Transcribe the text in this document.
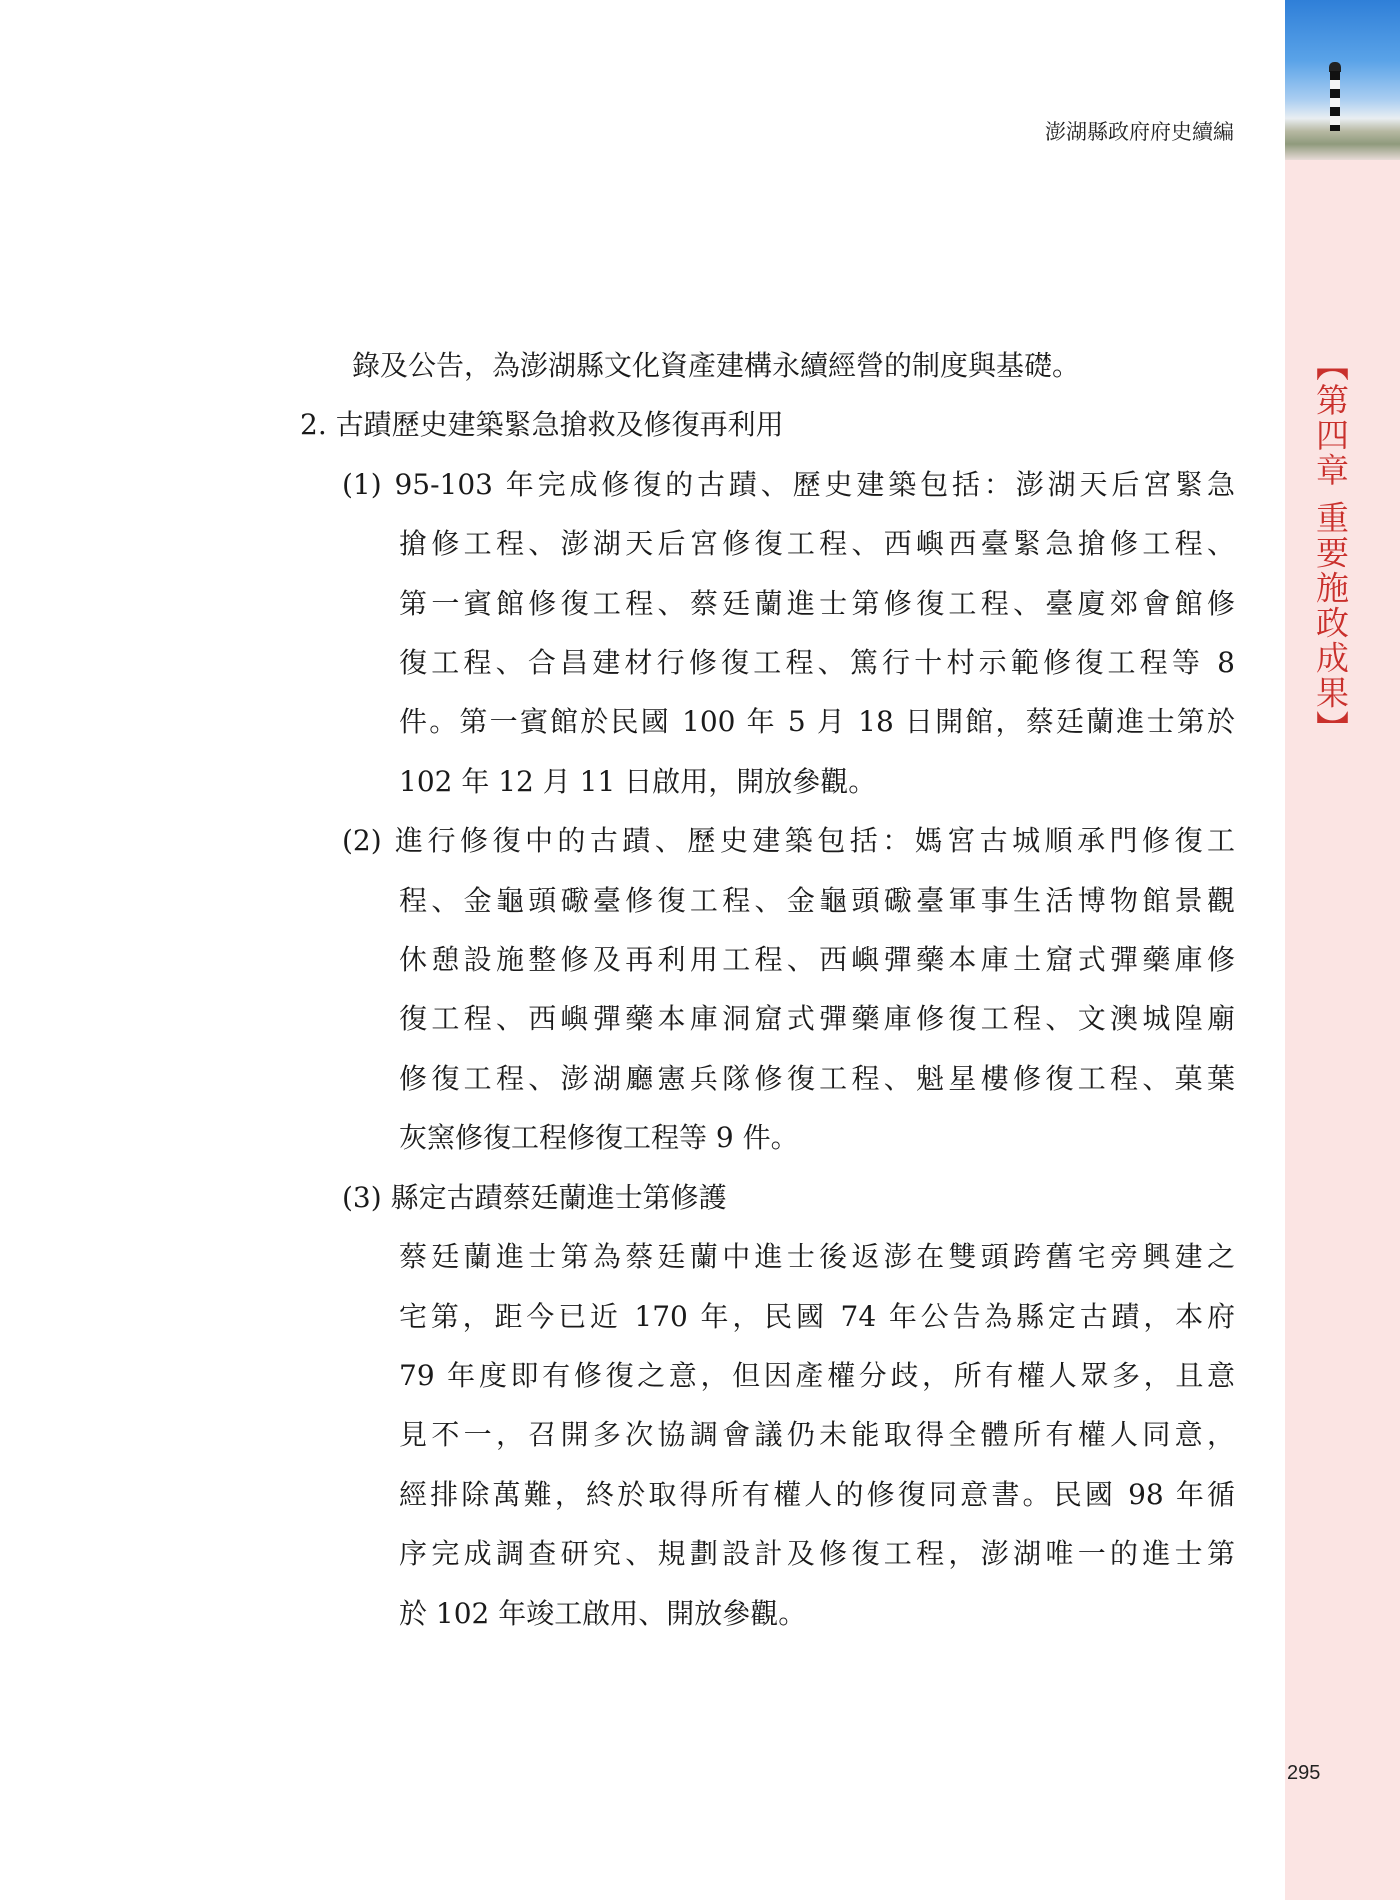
【第四章 重要施政成果】
澎湖縣政府府史續編
錄及公告，為澎湖縣文化資產建構永續經營的制度與基礎。
2. 古蹟歷史建築緊急搶救及修復再利用
(1) 95-103 年完成修復的古蹟、歷史建築包括：澎湖天后宮緊急
搶修工程、澎湖天后宮修復工程、西嶼西臺緊急搶修工程、
第一賓館修復工程、蔡廷蘭進士第修復工程、臺廈郊會館修
復工程、合昌建材行修復工程、篤行十村示範修復工程等 8
件。第一賓館於民國 100 年 5 月 18 日開館，蔡廷蘭進士第於
102 年 12 月 11 日啟用，開放參觀。
(2) 進行修復中的古蹟、歷史建築包括：媽宮古城順承門修復工
程、金龜頭礮臺修復工程、金龜頭礮臺軍事生活博物館景觀
休憩設施整修及再利用工程、西嶼彈藥本庫土窟式彈藥庫修
復工程、西嶼彈藥本庫洞窟式彈藥庫修復工程、文澳城隍廟
修復工程、澎湖廳憲兵隊修復工程、魁星樓修復工程、菓葉
灰窯修復工程修復工程等 9 件。
(3) 縣定古蹟蔡廷蘭進士第修護
蔡廷蘭進士第為蔡廷蘭中進士後返澎在雙頭跨舊宅旁興建之
宅第，距今已近 170 年，民國 74 年公告為縣定古蹟，本府
79 年度即有修復之意，但因產權分歧，所有權人眾多，且意
見不一，召開多次協調會議仍未能取得全體所有權人同意，
經排除萬難，終於取得所有權人的修復同意書。民國 98 年循
序完成調查研究、規劃設計及修復工程，澎湖唯一的進士第
於 102 年竣工啟用、開放參觀。
295
